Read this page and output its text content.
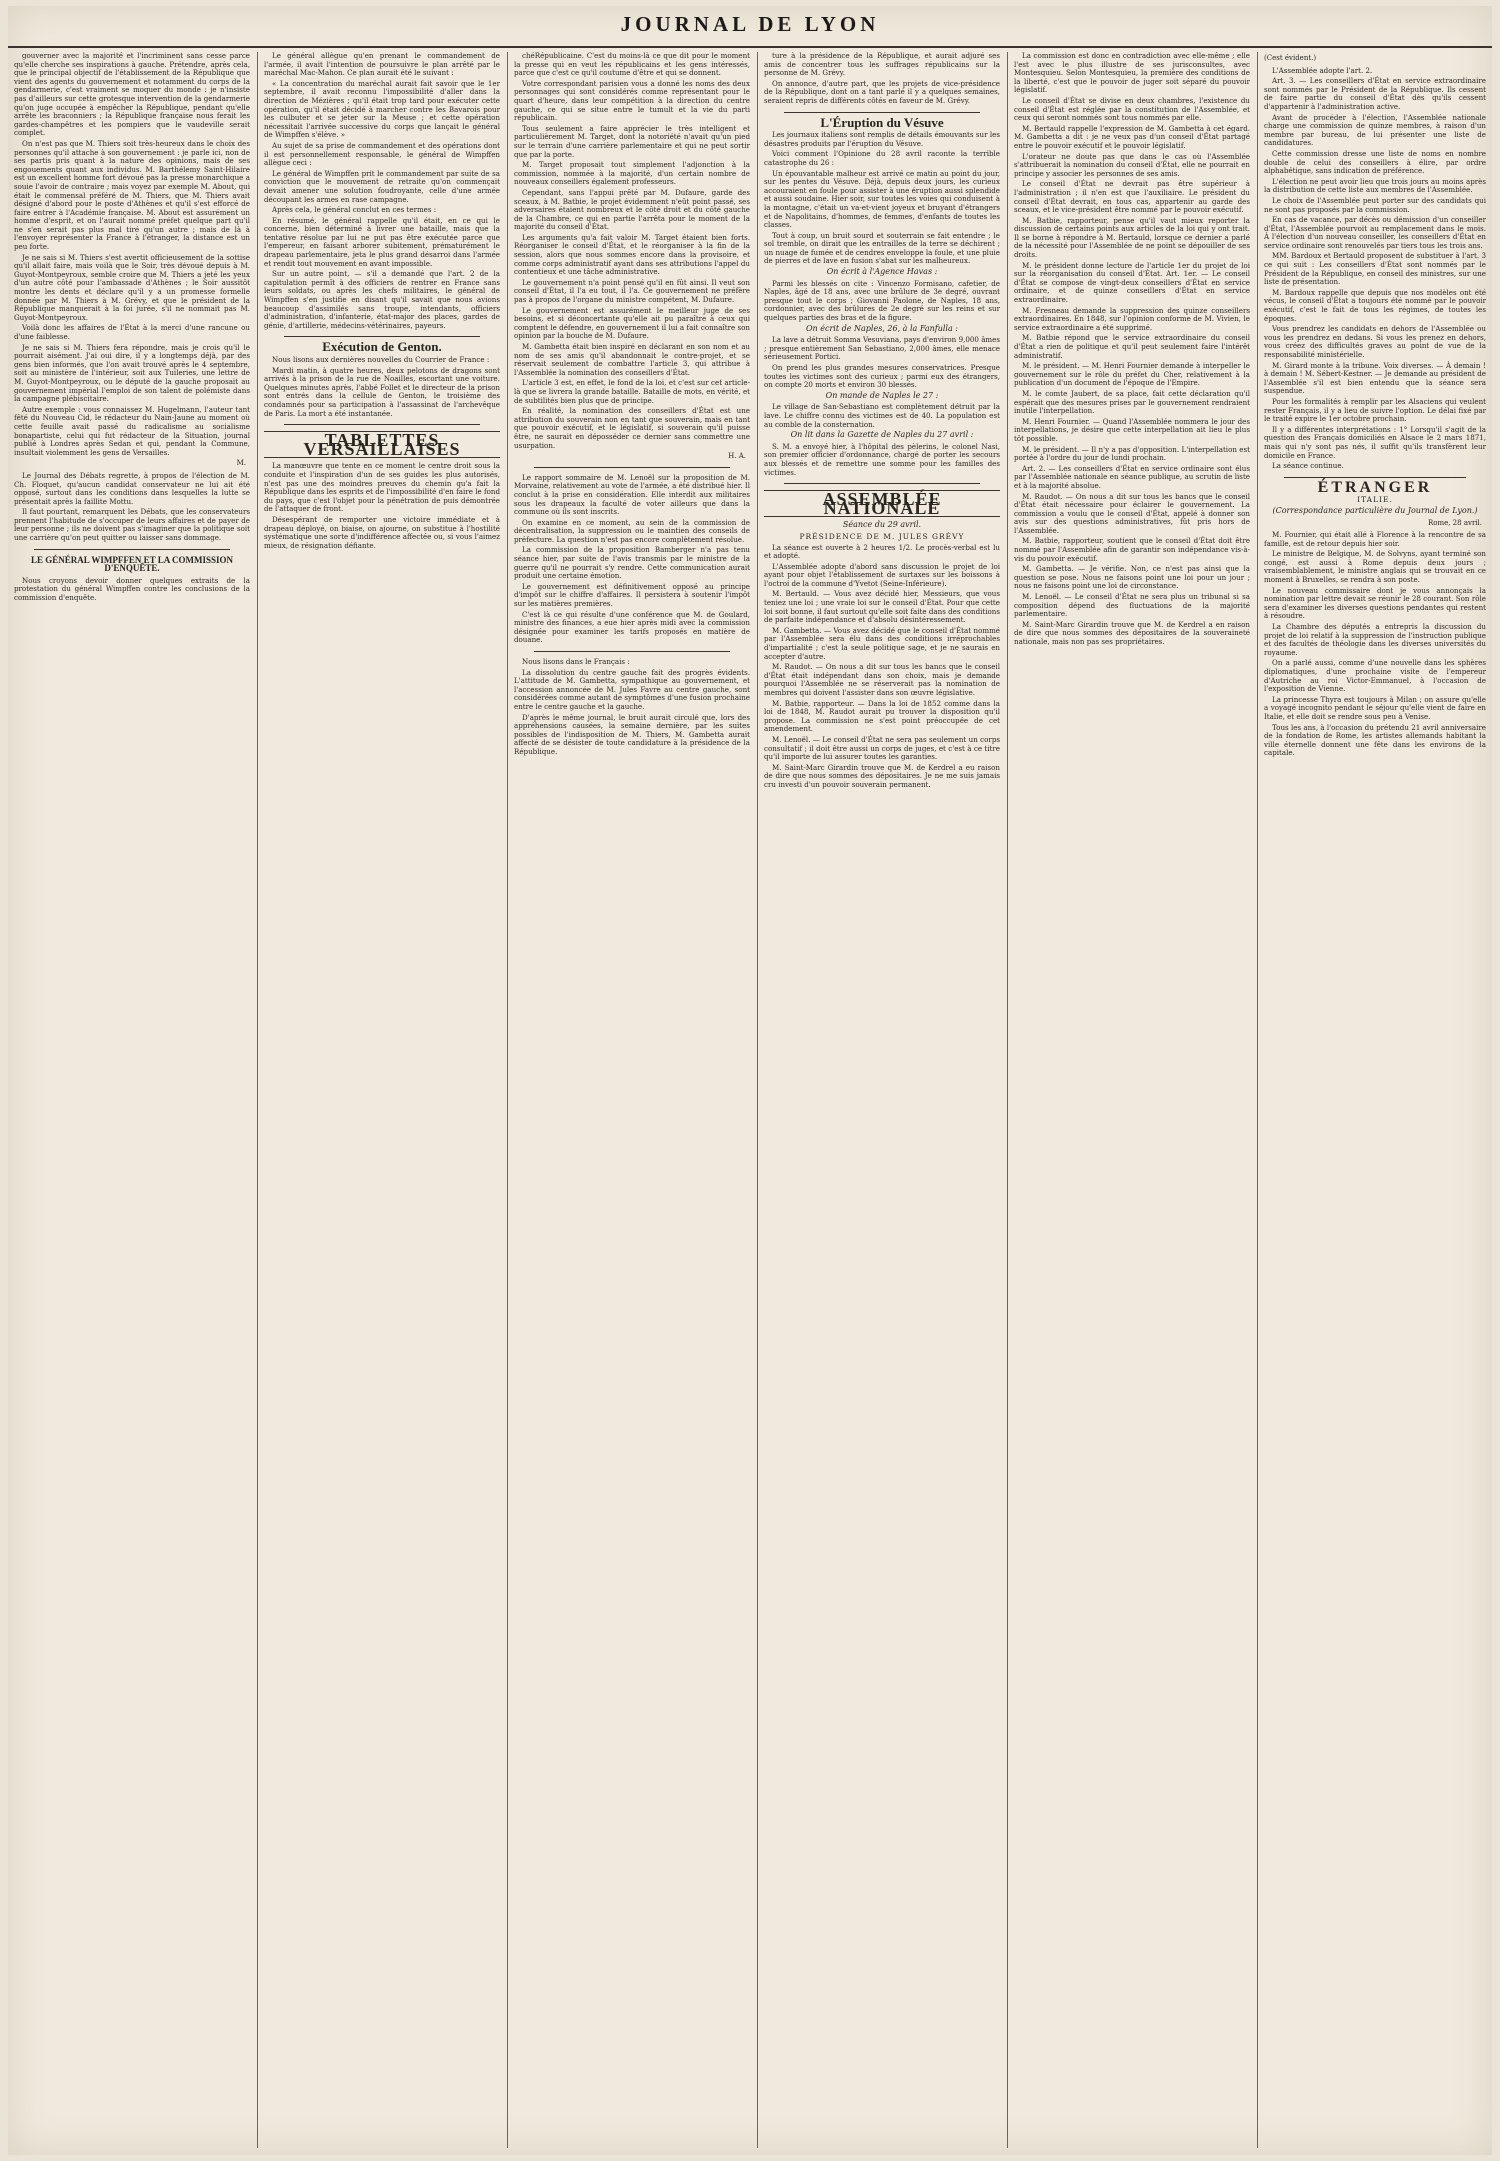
JOURNAL DE LYON

gouverner avec la majorité et l'incriminent sans cesse parce qu'elle cherche ses inspirations à gauche. Prétendre, après cela, que le principal objectif de l'établissement de la République que vient des agents du gouvernement et notamment du corps de la gendarmerie, c'est vraiment se moquer du monde : je n'insiste pas d'ailleurs sur cette grotesque intervention de la gendarmerie qu'on juge occupée à empêcher la République, pendant qu'elle arrête les braconniers ; la République française nous ferait les gardes-champêtres et les pompiers que le vaudeville serait complet.

On n'est pas que M. Thiers soit très-heureux dans le choix des personnes qu'il attache à son gouvernement : je parle ici, non de ses partis pris quant à la nature des opinions, mais de ses engouements quant aux individus. M. Barthélemy Saint-Hilaire est un excellent homme fort dévoué pas la presse monarchique a souie l'avoir de contraire ; mais voyez par exemple M. About, qui était le commensal préféré de M. Thiers, que M. Thiers avait désigné d'abord pour le poste d'Athènes et qu'il s'est efforcé de faire entrer à l'Académie française. M. About est assurément un homme d'esprit, et on l'aurait nommé préfet quelque part qu'il ne s'en serait pas plus mal tiré qu'un autre ; mais de là à l'envoyer représenter la France à l'étranger, la distance est un peu forte.

Je ne sais si M. Thiers s'est avertit officieusement de la sottise qu'il allait faire, mais voilà que le Soir, très dévoué depuis à M. Guyot-Montpeyroux, semble croire que M. Thiers a jeté les yeux d'un autre côté pour l'ambassade d'Athènes ; le Soir aussitôt montre les dents et déclare qu'il y a un promesse formelle donnée par M. Thiers à M. Grévy, et que le président de la République manquerait à la foi jurée, s'il ne nommait pas M. Guyot-Montpeyroux.

Voilà donc les affaires de l'État à la merci d'une rancune ou d'une faiblesse.

Je ne sais si M. Thiers fera répondre, mais je crois qu'il le pourrait aisément. J'ai oui dire, il y a longtemps déjà, par des gens bien informés, que l'on avait trouvé après le 4 septembre, soit au ministère de l'intérieur, soit aux Tuileries, une lettre de M. Guyot-Montpeyroux, ou le député de la gauche proposait au gouvernement impérial l'emploi de son talent de polémiste dans la campagne plébiscitaire.

Autre exemple : vous connaissez M. Hugelmann, l'auteur tant fêté du Nouveau Cid, le rédacteur du Nain-Jaune au moment où cette feuille avait passé du radicalisme au socialisme bonapartiste, celui qui fut rédacteur de la Situation, journal publié à Londres après Sedan et qui, pendant la Commune, insultait violemment les gens de Versailles.

M.

Le Journal des Débats regrette, à propos de l'élection de M. Ch. Floquet, qu'aucun candidat conservateur ne lui ait été opposé, surtout dans les conditions dans lesquelles la lutte se présentait après la faillite Mottu.

Il faut pourtant, remarquent les Débats, que les conservateurs prennent l'habitude de s'occuper de leurs affaires et de payer de leur personne ; ils ne doivent pas s'imaginer que la politique soit une carrière qu'on peut quitter ou laisser sans dommage.

LE GÉNÉRAL WIMPFFEN ET LA COMMISSION D'ENQUÊTE.

Nous croyons devoir donner quelques extraits de la protestation du général Wimpffen contre les conclusions de la commission d'enquête.

Le général allègue qu'en prenant le commandement de l'armée, il avait l'intention de poursuivre le plan arrêté par le maréchal Mac-Mahon. Ce plan aurait été le suivant :

« La concentration du maréchal aurait fait savoir que le 1er septembre, il avait reconnu l'impossibilité d'aller dans la direction de Mézières ; qu'il était trop tard pour exécuter cette opération, qu'il était décidé à marcher contre les Bavarois pour les culbuter et se jeter sur la Meuse ; et cette opération nécessitait l'arrivée successive du corps que lançait le général de Wimpffen s'élève. »

Au sujet de sa prise de commandement et des opérations dont il est personnellement responsable, le général de Wimpffen allègue ceci :

Le général de Wimpffen prit le commandement par suite de sa conviction que le mouvement de retraite qu'on commençait devait amener une solution foudroyante, celle d'une armée découpant les armes en rase campagne.

Après cela, le général conclut en ces termes :

En résumé, le général rappelle qu'il était, en ce qui le concerne, bien déterminé à livrer une bataille, mais que la tentative résolue par lui ne put pas être exécutée parce que l'empereur, en faisant arborer subitement, prématurément le drapeau parlementaire, jeta le plus grand désarroi dans l'armée et rendit tout mouvement en avant impossible.

Sur un autre point, — s'il a demandé que l'art. 2 de la capitulation permît à des officiers de rentrer en France sans leurs soldats, ou après les chefs militaires, le général de Wimpffen s'en justifie en disant qu'il savait que nous avions beaucoup d'assimilés sans troupe, intendants, officiers d'administration, d'infanterie, état-major des places, gardes de génie, d'artillerie, médecins-vétérinaires, payeurs.

Exécution de Genton.

Nous lisons aux dernières nouvelles du Courrier de France :

Mardi matin, à quatre heures, deux pelotons de dragons sont arrivés à la prison de la rue de Noailles, escortant une voiture. Quelques minutes après, l'abbé Follet et le directeur de la prison sont entrés dans la cellule de Genton, le troisième des condamnés pour sa participation à l'assassinat de l'archevêque de Paris. La mort a été instantanée.

TABLETTES VERSAILLAISES

La manœuvre que tente en ce moment le centre droit sous la conduite et l'inspiration d'un de ses guides les plus autorisés, n'est pas une des moindres preuves du chemin qu'a fait la République dans les esprits et de l'impossibilité d'en faire le fond du pays, que c'est l'objet pour la pénétration de puis démontrée de l'attaquer de front.

Désespérant de remporter une victoire immédiate et à drapeau déployé, on biaise, on ajourne, on substitue à l'hostilité systématique une sorte d'indifférence affectée ou, si vous l'aimez mieux, de résignation défiante.

chéRépublicaine. C'est du moins-là ce que dit pour le moment la presse qui en veut les républicains et les gens intéressés, parce que c'est ce qu'il coutume d'être et qui se donnent.

Votre correspondant parisien vous a donné les noms des deux personnages qui sont considérés comme représentant pour le quart d'heure, dans leur compétition à la direction du centre gauche, ce qui se situe entre le tumult et la vie du parti républicain.

Tous seulement a faire apprécier le très intelligent et particulièrement M. Target, dont la notoriété n'avait qu'un pied sur le terrain d'une carrière parlementaire et qui ne peut sortir que par la porte.

M. Target proposait tout simplement l'adjonction à la commission, nommée à la majorité, d'un certain nombre de nouveaux conseillers également professeurs.

Cependant, sans l'appui prêté par M. Dufaure, garde des sceaux, à M. Batbie, le projet évidemment n'eût point passé, ses adversaires étaient nombreux et le côté droit et du côté gauche de la Chambre, ce qui en partie l'arrêta pour le moment de la majorité du conseil d'État.

Les arguments qu'a fait valoir M. Target étaient bien forts. Réorganiser le conseil d'État, et le réorganiser à la fin de la session, alors que nous sommes encore dans la provisoire, et comme corps administratif ayant dans ses attributions l'appel du contentieux et une tâche administrative.

Le gouvernement n'a point pensé qu'il en fût ainsi. Il veut son conseil d'État, il l'a eu tout, il l'a. Ce gouvernement ne préfère pas à propos de l'organe du ministre compétent, M. Dufaure.

Le gouvernement est assurément le meilleur juge de ses besoins, et si déconcertante qu'elle ait pu paraître à ceux qui comptent le défendre, en gouvernement il lui a fait connaître son opinion par la bouche de M. Dufaure.

M. Gambetta était bien inspiré en déclarant en son nom et au nom de ses amis qu'il abandonnait le contre-projet, et se réservait seulement de combattre l'article 3, qui attribue à l'Assemblée la nomination des conseillers d'État.

L'article 3 est, en effet, le fond de la loi, et c'est sur cet article-là que se livrera la grande bataille. Bataille de mots, en vérité, et de subtilités bien plus que de principe.

En réalité, la nomination des conseillers d'État est une attribution du souverain non en tant que souverain, mais en tant que pouvoir exécutif, et le législatif, si souverain qu'il puisse être, ne saurait en déposséder ce dernier sans commettre une usurpation.

H. A.

Le rapport sommaire de M. Lenoël sur la proposition de M. Morvaine, relativement au vote de l'armée, a été distribué hier. Il conclut à la prise en considération. Elle interdit aux militaires sous les drapeaux la faculté de voter ailleurs que dans la commune où ils sont inscrits.

On examine en ce moment, au sein de la commission de décentralisation, la suppression ou le maintien des conseils de préfecture. La question n'est pas encore complètement résolue.

La commission de la proposition Bamberger n'a pas tenu séance hier, par suite de l'avis transmis par le ministre de la guerre qu'il ne pourrait s'y rendre. Cette communication aurait produit une certaine émotion.

Le gouvernement est définitivement opposé au principe d'impôt sur le chiffre d'affaires. Il persistera à soutenir l'impôt sur les matières premières.

C'est là ce qui résulte d'une conférence que M. de Goulard, ministre des finances, a eue hier après midi avec la commission désignée pour examiner les tarifs proposés en matière de douane.

Nous lisons dans le Français :

La dissolution du centre gauche fait des progrès évidents. L'attitude de M. Gambetta, sympathique au gouvernement, et l'accession annoncée de M. Jules Favre au centre gauche, sont considérées comme autant de symptômes d'une fusion prochaine entre le centre gauche et la gauche.

D'après le même journal, le bruit aurait circulé que, lors des appréhensions causées, la semaine dernière, par les suites possibles de l'indisposition de M. Thiers, M. Gambetta aurait affecté de se désister de toute candidature à la présidence de la République.

ture à la présidence de la République, et aurait adjuré ses amis de concentrer tous les suffrages républicains sur la personne de M. Grévy.

On annonce, d'autre part, que les projets de vice-présidence de la République, dont on a tant parlé il y a quelques semaines, seraient repris de différents côtés en faveur de M. Grévy.

L'Éruption du Vésuve

Les journaux italiens sont remplis de détails émouvants sur les désastres produits par l'éruption du Vésuve.

Voici comment l'Opinione du 28 avril raconte la terrible catastrophe du 26 :

Un épouvantable malheur est arrivé ce matin au point du jour, sur les pentes du Vésuve. Déjà, depuis deux jours, les curieux accouraient en foule pour assister à une éruption aussi splendide et aussi soudaine. Hier soir, sur toutes les voies qui conduisent à la montagne, c'était un va-et-vient joyeux et bruyant d'étrangers et de Napolitains, d'hommes, de femmes, d'enfants de toutes les classes.

Tout à coup, un bruit sourd et souterrain se fait entendre ; le sol tremble, on dirait que les entrailles de la terre se déchirent ; un nuage de fumée et de cendres enveloppe la foule, et une pluie de pierres et de lave en fusion s'abat sur les malheureux.

On écrit à l'Agence Havas :

Parmi les blessés on cite : Vincenzo Formisano, cafetier, de Naples, âgé de 18 ans, avec une brûlure de 3e degré, ouvrant presque tout le corps ; Giovanni Paolone, de Naples, 18 ans, cordonnier, avec des brûlures de 2e degré sur les reins et sur quelques parties des bras et de la figure.

On écrit de Naples, 26, à la Fanfulla :

La lave a détruit Somma Vesuviana, pays d'environ 9,000 âmes ; presque entièrement San Sebastiano, 2,000 âmes, elle menace sérieusement Portici.

On prend les plus grandes mesures conservatrices. Presque toutes les victimes sont des curieux ; parmi eux des étrangers, on compte 20 morts et environ 30 blessés.

On mande de Naples le 27 :

Le village de San-Sebastiano est complètement détruit par la lave. Le chiffre connu des victimes est de 40. La population est au comble de la consternation.

On lit dans la Gazette de Naples du 27 avril :

S. M. a envoyé hier, à l'hôpital des pèlerins, le colonel Nasi, son premier officier d'ordonnance, chargé de porter les secours aux blessés et de remettre une somme pour les familles des victimes.

ASSEMBLÉE NATIONALE
Séance du 29 avril.
PRÉSIDENCE DE M. JULES GRÉVY

La séance est ouverte à 2 heures 1/2. Le procès-verbal est lu et adopté.

L'Assemblée adopte d'abord sans discussion le projet de loi ayant pour objet l'établissement de surtaxes sur les boissons à l'octroi de la commune d'Yvetot (Seine-Inférieure).

M. Bertauld. — Vous avez décidé hier, Messieurs, que vous teniez une loi ; une vraie loi sur le conseil d'État. Pour que cette loi soit bonne, il faut surtout qu'elle soit faite dans des conditions de parfaite indépendance et d'absolu désintéressement.

M. Gambetta. — Vous avez décidé que le conseil d'État nommé par l'Assemblée sera élu dans des conditions irréprochables d'impartialité ; c'est la seule politique sage, et je ne saurais en accepter d'autre.

M. Raudot. — On nous a dit sur tous les bancs que le conseil d'État était indépendant dans son choix, mais je demande pourquoi l'Assemblée ne se réserverait pas la nomination de membres qui doivent l'assister dans son œuvre législative.

M. Batbie, rapporteur. — Dans la loi de 1852 comme dans la loi de 1848, M. Raudot aurait pu trouver la disposition qu'il propose. La commission ne s'est point préoccupée de cet amendement.

M. Lenoël. — Le conseil d'État ne sera pas seulement un corps consultatif ; il doit être aussi un corps de juges, et c'est à ce titre qu'il importe de lui assurer toutes les garanties.

M. Saint-Marc Girardin trouve que M. de Kerdrel a eu raison de dire que nous sommes des dépositaires. Je ne me suis jamais cru investi d'un pouvoir souverain permanent.

La commission est donc en contradiction avec elle-même ; elle l'est avec le plus illustre de ses jurisconsultes, avec Montesquieu. Selon Montesquieu, la première des conditions de la liberté, c'est que le pouvoir de juger soit séparé du pouvoir législatif.

Le conseil d'État se divise en deux chambres, l'existence du conseil d'État est réglée par la constitution de l'Assemblée, et ceux qui seront nommés sont tous nommés par elle.

M. Bertauld rappelle l'expression de M. Gambetta à cet égard. M. Gambetta a dit : je ne veux pas d'un conseil d'État partagé entre le pouvoir exécutif et le pouvoir législatif.

L'orateur ne doute pas que dans le cas où l'Assemblée s'attribuerait la nomination du conseil d'État, elle ne pourrait en principe y associer les personnes de ses amis.

Le conseil d'État ne devrait pas être supérieur à l'administration ; il n'en est que l'auxiliaire. Le président du conseil d'État devrait, en tous cas, appartenir au garde des sceaux, et le vice-président être nommé par le pouvoir exécutif.

M. Batbie, rapporteur, pense qu'il vaut mieux reporter la discussion de certains points aux articles de la loi qui y ont trait. Il se borne à répondre à M. Bertauld, lorsque ce dernier a parlé de la nécessité pour l'Assemblée de ne point se dépouiller de ses droits.

M. le président donne lecture de l'article 1er du projet de loi sur la réorganisation du conseil d'État. Art. 1er. — Le conseil d'État se compose de vingt-deux conseillers d'État en service ordinaire, et de quinze conseillers d'État en service extraordinaire.

M. Fresneau demande la suppression des quinze conseillers extraordinaires. En 1848, sur l'opinion conforme de M. Vivien, le service extraordinaire a été supprimé.

M. Batbie répond que le service extraordinaire du conseil d'État a rien de politique et qu'il peut seulement faire l'intérêt administratif.

M. le président. — M. Henri Fournier demande à interpeller le gouvernement sur le rôle du préfet du Cher, relativement à la publication d'un document de l'époque de l'Empire.

M. le comte Jaubert, de sa place, fait cette déclaration qu'il espérait que des mesures prises par le gouvernement rendraient inutile l'interpellation.

M. Henri Fournier. — Quand l'Assemblée nommera le jour des interpellations, je désire que cette interpellation ait lieu le plus tôt possible.

M. le président. — Il n'y a pas d'opposition. L'interpellation est portée à l'ordre du jour de lundi prochain.

Art. 2. — Les conseillers d'État en service ordinaire sont élus par l'Assemblée nationale en séance publique, au scrutin de liste et à la majorité absolue.

M. Raudot. — On nous a dit sur tous les bancs que le conseil d'État était nécessaire pour éclairer le gouvernement. La commission a voulu que le conseil d'État, appelé à donner son avis sur des questions administratives, fût pris hors de l'Assemblée.

M. Batbie, rapporteur, soutient que le conseil d'État doit être nommé par l'Assemblée afin de garantir son indépendance vis-à-vis du pouvoir exécutif.

M. Gambetta. — Je vérifie. Non, ce n'est pas ainsi que la question se pose. Nous ne faisons point une loi pour un jour ; nous ne faisons point une loi de circonstance.

M. Lenoël. — Le conseil d'État ne sera plus un tribunal si sa composition dépend des fluctuations de la majorité parlementaire.

M. Saint-Marc Girardin trouve que M. de Kerdrel a en raison de dire que nous sommes des dépositaires de la souveraineté nationale, mais non pas ses propriétaires.

(Cest évident.)

L'Assemblée adopte l'art. 2.

Art. 3. — Les conseillers d'État en service extraordinaire sont nommés par le Président de la République. Ils cessent de faire partie du conseil d'État dès qu'ils cessent d'appartenir à l'administration active.

Avant de procéder à l'élection, l'Assemblée nationale charge une commission de quinze membres, à raison d'un membre par bureau, de lui présenter une liste de candidatures.

Cette commission dresse une liste de noms en nombre double de celui des conseillers à élire, par ordre alphabétique, sans indication de préférence.

L'élection ne peut avoir lieu que trois jours au moins après la distribution de cette liste aux membres de l'Assemblée.

Le choix de l'Assemblée peut porter sur des candidats qui ne sont pas proposés par la commission.

En cas de vacance, par décès ou démission d'un conseiller d'État, l'Assemblée pourvoit au remplacement dans le mois. À l'élection d'un nouveau conseiller, les conseillers d'État en service ordinaire sont renouvelés par tiers tous les trois ans.

MM. Bardoux et Bertauld proposent de substituer à l'art. 3 ce qui suit : Les conseillers d'État sont nommés par le Président de la République, en conseil des ministres, sur une liste de présentation.

M. Bardoux rappelle que depuis que nos modèles ont été vécus, le conseil d'État a toujours été nommé par le pouvoir exécutif, c'est le fait de tous les régimes, de toutes les époques.

Vous prendrez les candidats en dehors de l'Assemblée ou vous les prendrez en dedans. Si vous les prenez en dehors, vous créez des difficultés graves au point de vue de la responsabilité ministérielle.

M. Girard monte à la tribune. Voix diverses. — À demain ! à demain ! M. Sébert-Kestner. — Je demande au président de l'Assemblée s'il est bien entendu que la séance sera suspendue.

Pour les formalités à remplir par les Alsaciens qui veulent rester Français, il y a lieu de suivre l'option. Le délai fixé par le traité expire le 1er octobre prochain.

Il y a différentes interprétations : 1° Lorsqu'il s'agit de la question des Français domiciliés en Alsace le 2 mars 1871, mais qui n'y sont pas nés, il suffit qu'ils transfèrent leur domicile en France.

La séance continue.

ÉTRANGER
ITALIE.
(Correspondance particulière du Journal de Lyon.)
Rome, 28 avril.

M. Fournier, qui était allé à Florence à la rencontre de sa famille, est de retour depuis hier soir.

Le ministre de Belgique, M. de Solvyns, ayant terminé son congé, est aussi à Rome depuis deux jours ; vraisemblablement, le ministre anglais qui se trouvait en ce moment à Bruxelles, se rendra à son poste.

Le nouveau commissaire dont je vous annonçais la nomination par lettre devait se réunir le 28 courant. Son rôle sera d'examiner les diverses questions pendantes qui restent à résoudre.

La Chambre des députés a entrepris la discussion du projet de loi relatif à la suppression de l'instruction publique et des facultés de théologie dans les diverses universités du royaume.

On a parlé aussi, comme d'une nouvelle dans les sphères diplomatiques, d'une prochaine visite de l'empereur d'Autriche au roi Victor-Emmanuel, à l'occasion de l'exposition de Vienne.

La princesse Thyra est toujours à Milan ; on assure qu'elle a voyagé incognito pendant le séjour qu'elle vient de faire en Italie, et elle doit se rendre sous peu à Venise.

Tous les ans, à l'occasion du prétendu 21 avril anniversaire de la fondation de Rome, les artistes allemands habitant la ville éternelle donnent une fête dans les environs de la capitale.
